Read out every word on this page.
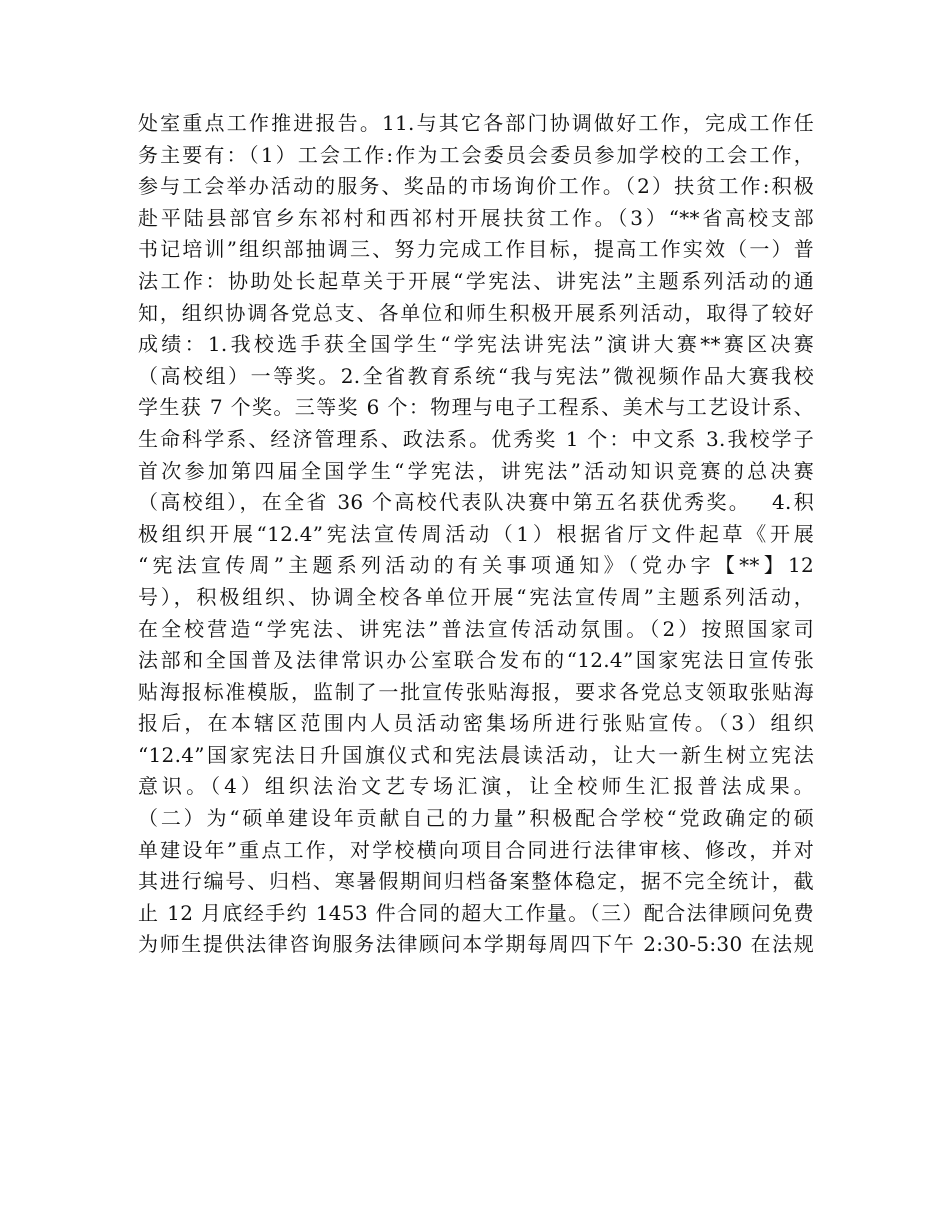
处室重点工作推进报告。11.与其它各部门协调做好工作，完成工作任
务主要有：（1）工会工作:作为工会委员会委员参加学校的工会工作，
参与工会举办活动的服务、奖品的市场询价工作。（2）扶贫工作:积极
赴平陆县部官乡东祁村和西祁村开展扶贫工作。（3）“**省高校支部
书记培训”组织部抽调三、努力完成工作目标，提高工作实效（一）普
法工作：协助处长起草关于开展“学宪法、讲宪法”主题系列活动的通
知，组织协调各党总支、各单位和师生积极开展系列活动，取得了较好
成绩：1.我校选手获全国学生“学宪法讲宪法”演讲大赛**赛区决赛
（高校组）一等奖。2.全省教育系统“我与宪法”微视频作品大赛我校
学生获 7 个奖。三等奖 6 个：物理与电子工程系、美术与工艺设计系、
生命科学系、经济管理系、政法系。优秀奖 1 个：中文系 3.我校学子
首次参加第四届全国学生“学宪法，讲宪法”活动知识竞赛的总决赛
（高校组），在全省 36 个高校代表队决赛中第五名获优秀奖。　 4.积
极组织开展“12.4”宪法宣传周活动（1）根据省厅文件起草《开展
“宪法宣传周”主题系列活动的有关事项通知》（党办字【**】12
号），积极组织、协调全校各单位开展“宪法宣传周”主题系列活动，
在全校营造“学宪法、讲宪法”普法宣传活动氛围。（2）按照国家司
法部和全国普及法律常识办公室联合发布的“12.4”国家宪法日宣传张
贴海报标准模版，监制了一批宣传张贴海报，要求各党总支领取张贴海
报后，在本辖区范围内人员活动密集场所进行张贴宣传。（3）组织
“12.4”国家宪法日升国旗仪式和宪法晨读活动，让大一新生树立宪法
意识。（4）组织法治文艺专场汇演，让全校师生汇报普法成果。
（二）为“硕单建设年贡献自己的力量”积极配合学校“党政确定的硕
单建设年”重点工作，对学校横向项目合同进行法律审核、修改，并对
其进行编号、归档、寒暑假期间归档备案整体稳定，据不完全统计，截
止 12 月底经手约 1453 件合同的超大工作量。（三）配合法律顾问免费
为师生提供法律咨询服务法律顾问本学期每周四下午 2:30-5:30 在法规
